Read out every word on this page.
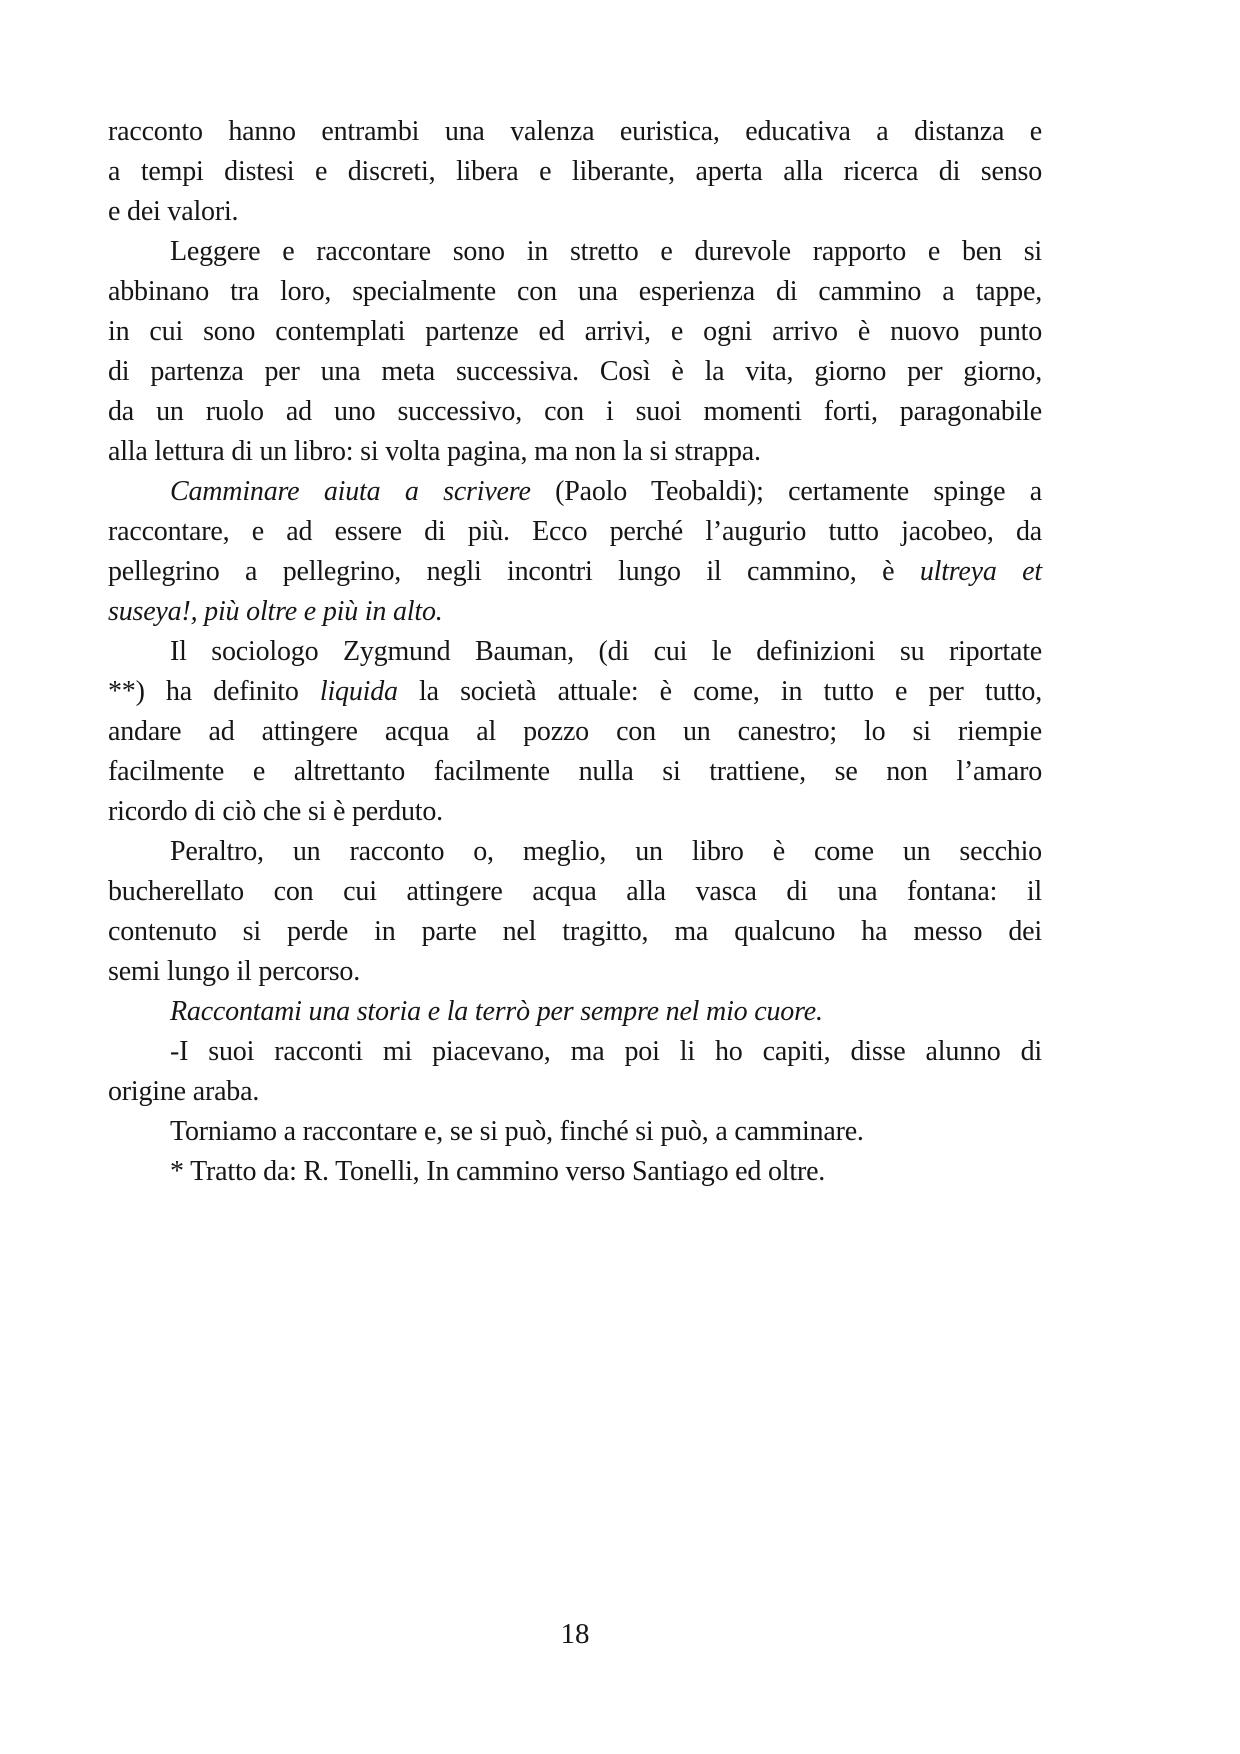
racconto hanno entrambi una valenza euristica, educativa a distanza e
a tempi distesi e discreti, libera e liberante, aperta alla ricerca di senso
e dei valori.
Leggere e raccontare sono in stretto e durevole rapporto e ben si
abbinano tra loro, specialmente con una esperienza di cammino a tappe,
in cui sono contemplati partenze ed arrivi, e ogni arrivo è nuovo punto
di partenza per una meta successiva. Così è la vita, giorno per giorno,
da un ruolo ad uno successivo, con i suoi momenti forti, paragonabile
alla lettura di un libro: si volta pagina, ma non la si strappa.
Camminare aiuta a scrivere (Paolo Teobaldi); certamente spinge a
raccontare, e ad essere di più. Ecco perché l’augurio tutto jacobeo, da
pellegrino a pellegrino, negli incontri lungo il cammino, è ultreya et
suseya!, più oltre e più in alto.
Il sociologo Zygmund Bauman, (di cui le definizioni su riportate
**) ha definito liquida la società attuale: è come, in tutto e per tutto,
andare ad attingere acqua al pozzo con un canestro; lo si riempie
facilmente e altrettanto facilmente nulla si trattiene, se non l’amaro
ricordo di ciò che si è perduto.
Peraltro, un racconto o, meglio, un libro è come un secchio
bucherellato con cui attingere acqua alla vasca di una fontana: il
contenuto si perde in parte nel tragitto, ma qualcuno ha messo dei
semi lungo il percorso.
Raccontami una storia e la terrò per sempre nel mio cuore.
-I suoi racconti mi piacevano, ma poi li ho capiti, disse alunno di
origine araba.
Torniamo a raccontare e, se si può, finché si può, a camminare.
* Tratto da: R. Tonelli, In cammino verso Santiago ed oltre.
18
